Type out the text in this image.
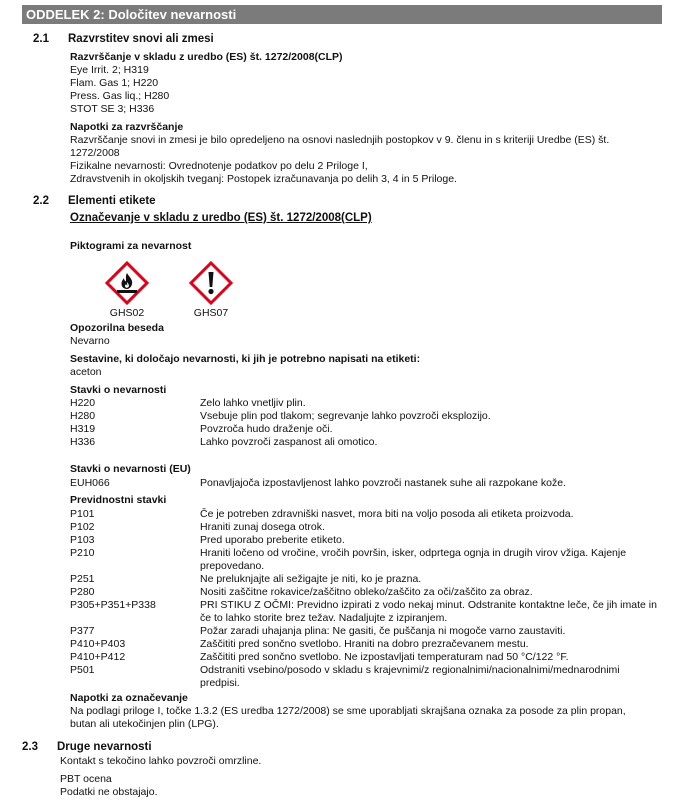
ODDELEK 2: Določitev nevarnosti
2.1	Razvrstitev snovi ali zmesi
Razvrščanje v skladu z uredbo (ES) št. 1272/2008(CLP)
Eye Irrit. 2; H319
Flam. Gas 1; H220
Press. Gas liq.; H280
STOT SE 3; H336
Napotki za razvrščanje
Razvrščanje snovi in zmesi je bilo opredeljeno na osnovi naslednjih postopkov v 9. členu in s kriteriji Uredbe (ES) št. 1272/2008
Fizikalne nevarnosti: Ovrednotenje podatkov po delu 2 Priloge I,
Zdravstvenih in okoljskih tveganj: Postopek izračunavanja po delih 3, 4 in 5 Priloge.
2.2	Elementi etikete
Označevanje v skladu z uredbo (ES) št. 1272/2008(CLP)
Piktogrami za nevarnost
GHS02	GHS07
Opozorilna beseda
Nevarno
Sestavine, ki določajo nevarnosti, ki jih je potrebno napisati na etiketi:
aceton
Stavki o nevarnosti
H220	Zelo lahko vnetljiv plin.
H280	Vsebuje plin pod tlakom; segrevanje lahko povzroči eksplozijo.
H319	Povzroča hudo draženje oči.
H336	Lahko povzroči zaspanost ali omotico.
Stavki o nevarnosti (EU)
EUH066	Ponavljajoča izpostavljenost lahko povzroči nastanek suhe ali razpokane kože.
Previdnostni stavki
P101	Če je potreben zdravniški nasvet, mora biti na voljo posoda ali etiketa proizvoda.
P102	Hraniti zunaj dosega otrok.
P103	Pred uporabo preberite etiketo.
P210	Hraniti ločeno od vročine, vročih površin, isker, odprtega ognja in drugih virov vžiga. Kajenje prepovedano.
P251	Ne preluknjajte ali sežigajte je niti, ko je prazna.
P280	Nositi zaščitne rokavice/zaščitno obleko/zaščito za oči/zaščito za obraz.
P305+P351+P338	PRI STIKU Z OČMI: Previdno izpirati z vodo nekaj minut. Odstranite kontaktne leče, če jih imate in če to lahko storite brez težav. Nadaljujte z izpiranjem.
P377	Požar zaradi uhajanja plina: Ne gasiti, če puščanja ni mogoče varno zaustaviti.
P410+P403	Zaščititi pred sončno svetlobo. Hraniti na dobro prezračevanem mestu.
P410+P412	Zaščititi pred sončno svetlobo. Ne izpostavljati temperaturam nad 50 °C/122 °F.
P501	Odstraniti vsebino/posodo v skladu s krajevnimi/z regionalnimi/nacionalnimi/mednarodnimi predpisi.
Napotki za označevanje
Na podlagi priloge I, točke 1.3.2 (ES uredba 1272/2008) se sme uporabljati skrajšana oznaka za posode za plin propan, butan ali utekočinjen plin (LPG).
2.3	Druge nevarnosti
Kontakt s tekočino lahko povzroči omrzline.
PBT ocena
Podatki ne obstajajo.
